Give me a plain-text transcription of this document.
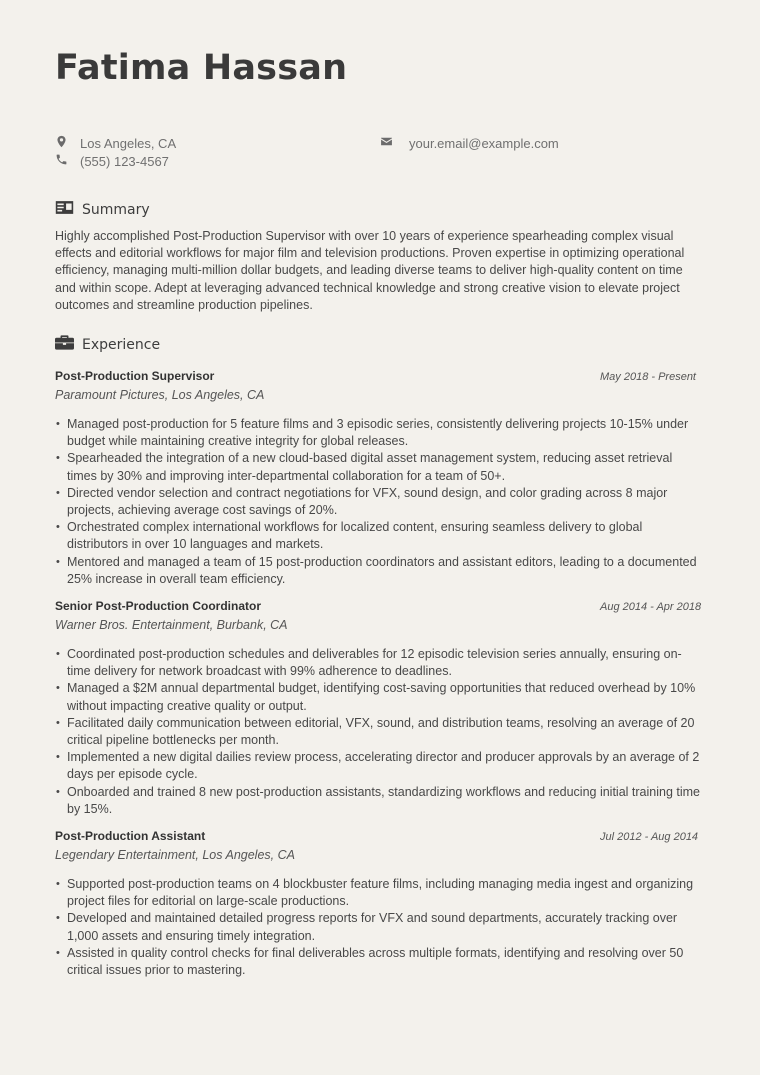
Fatima Hassan
Los Angeles, CA
(555) 123-4567
your.email@example.com
Summary

Highly accomplished Post-Production Supervisor with over 10 years of experience spearheading complex visual effects and editorial workflows for major film and television productions. Proven expertise in optimizing operational efficiency, managing multi-million dollar budgets, and leading diverse teams to deliver high-quality content on time and within scope. Adept at leveraging advanced technical knowledge and strong creative vision to elevate project outcomes and streamline production pipelines.

Experience
Post-Production Supervisor	May 2018 - Present
Paramount Pictures, Los Angeles, CA
• Managed post-production for 5 feature films and 3 episodic series, consistently delivering projects 10-15% under budget while maintaining creative integrity for global releases.
• Spearheaded the integration of a new cloud-based digital asset management system, reducing asset retrieval times by 30% and improving inter-departmental collaboration for a team of 50+.
• Directed vendor selection and contract negotiations for VFX, sound design, and color grading across 8 major projects, achieving average cost savings of 20%.
• Orchestrated complex international workflows for localized content, ensuring seamless delivery to global distributors in over 10 languages and markets.
• Mentored and managed a team of 15 post-production coordinators and assistant editors, leading to a documented 25% increase in overall team efficiency.
Senior Post-Production Coordinator	Aug 2014 - Apr 2018
Warner Bros. Entertainment, Burbank, CA
• Coordinated post-production schedules and deliverables for 12 episodic television series annually, ensuring on-time delivery for network broadcast with 99% adherence to deadlines.
• Managed a $2M annual departmental budget, identifying cost-saving opportunities that reduced overhead by 10% without impacting creative quality or output.
• Facilitated daily communication between editorial, VFX, sound, and distribution teams, resolving an average of 20 critical pipeline bottlenecks per month.
• Implemented a new digital dailies review process, accelerating director and producer approvals by an average of 2 days per episode cycle.
• Onboarded and trained 8 new post-production assistants, standardizing workflows and reducing initial training time by 15%.
Post-Production Assistant	Jul 2012 - Aug 2014
Legendary Entertainment, Los Angeles, CA
• Supported post-production teams on 4 blockbuster feature films, including managing media ingest and organizing project files for editorial on large-scale productions.
• Developed and maintained detailed progress reports for VFX and sound departments, accurately tracking over 1,000 assets and ensuring timely integration.
• Assisted in quality control checks for final deliverables across multiple formats, identifying and resolving over 50 critical issues prior to mastering.
